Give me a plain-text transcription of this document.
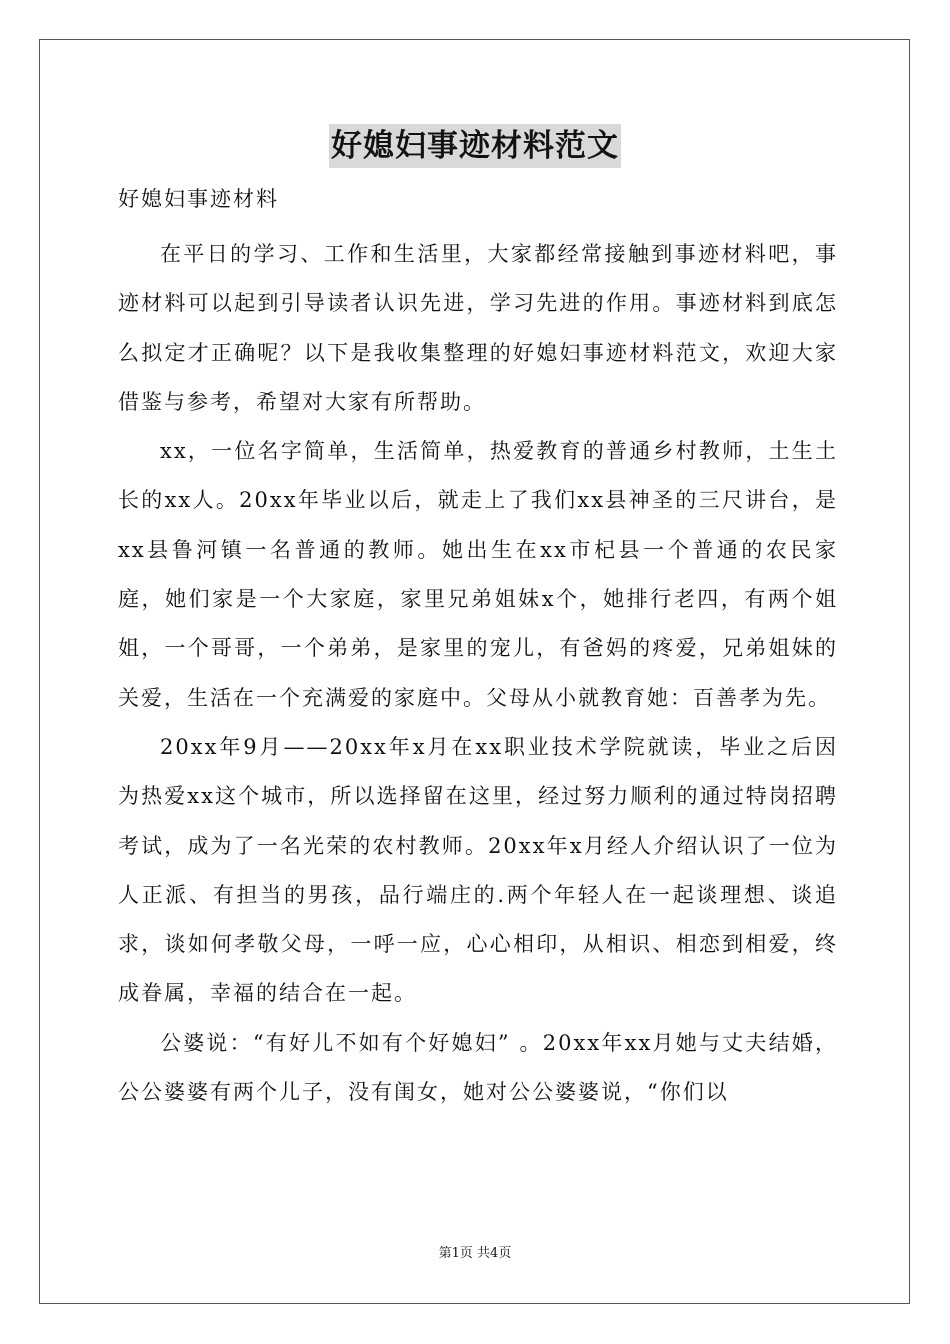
好媳妇事迹材料范文
好媳妇事迹材料

在平日的学习、工作和生活里，大家都经常接触到事迹材料吧，事迹材料可以起到引导读者认识先进，学习先进的作用。事迹材料到底怎么拟定才正确呢？以下是我收集整理的好媳妇事迹材料范文，欢迎大家借鉴与参考，希望对大家有所帮助。

xx，一位名字简单，生活简单，热爱教育的普通乡村教师，土生土长的xx人。20xx年毕业以后，就走上了我们xx县神圣的三尺讲台，是xx县鲁河镇一名普通的教师。她出生在xx市杞县一个普通的农民家庭，她们家是一个大家庭，家里兄弟姐妹x个，她排行老四，有两个姐姐，一个哥哥，一个弟弟，是家里的宠儿，有爸妈的疼爱，兄弟姐妹的关爱，生活在一个充满爱的家庭中。父母从小就教育她：百善孝为先。

20xx年9月——20xx年x月在xx职业技术学院就读，毕业之后因为热爱xx这个城市，所以选择留在这里，经过努力顺利的通过特岗招聘考试，成为了一名光荣的农村教师。20xx年x月经人介绍认识了一位为人正派、有担当的男孩，品行端庄的.两个年轻人在一起谈理想、谈追求，谈如何孝敬父母，一呼一应，心心相印，从相识、相恋到相爱，终成眷属，幸福的结合在一起。

公婆说：“有好儿不如有个好媳妇” 。20xx年xx月她与丈夫结婚，公公婆婆有两个儿子，没有闺女，她对公公婆婆说，“你们以

第1页 共4页
